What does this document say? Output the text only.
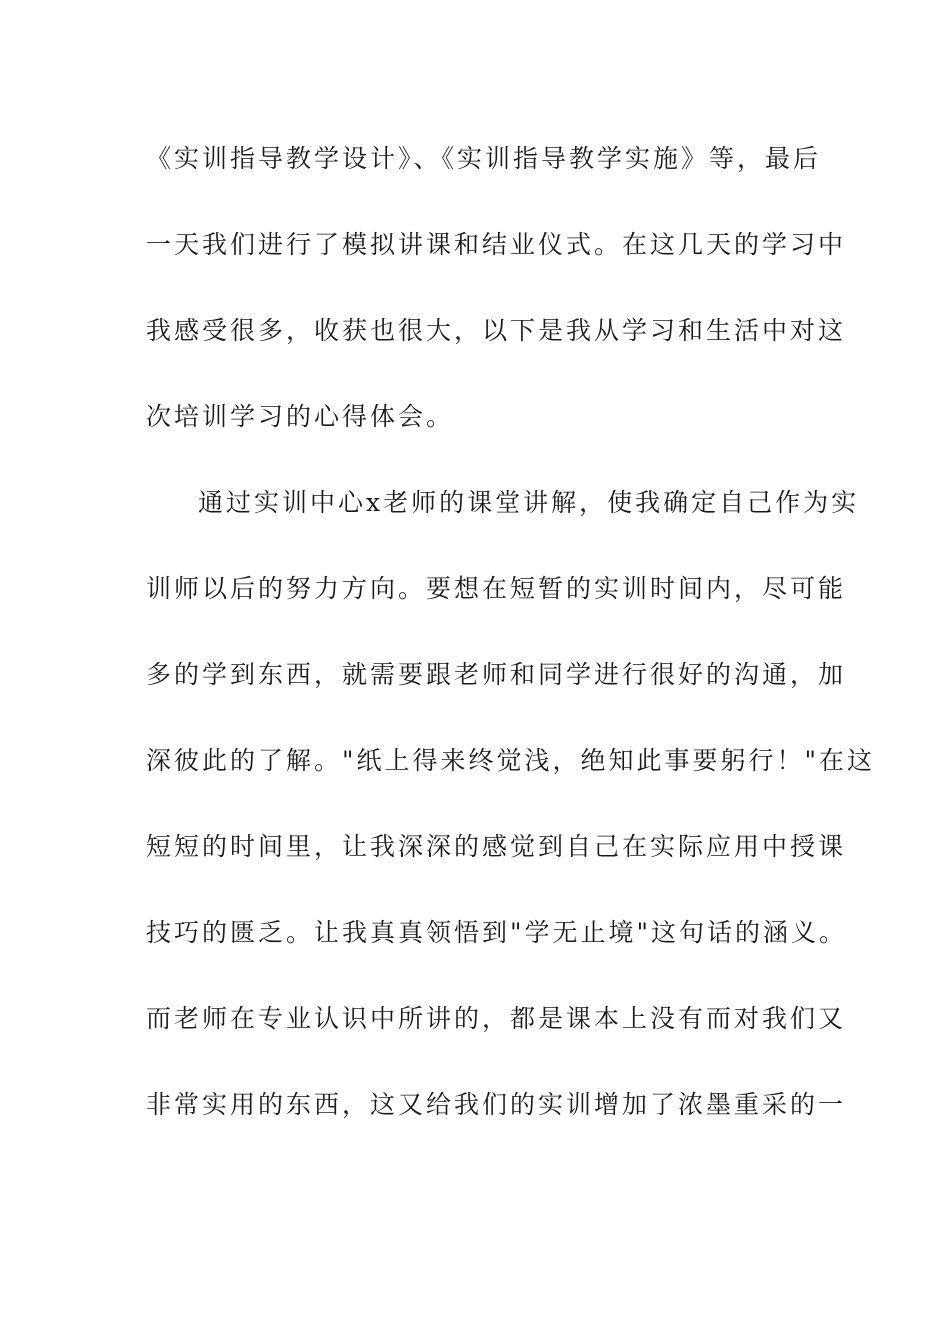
《实训指导教学设计》、《实训指导教学实施》等，最后
一天我们进行了模拟讲课和结业仪式。在这几天的学习中
我感受很多，收获也很大，以下是我从学习和生活中对这
次培训学习的心得体会。
通过实训中心x老师的课堂讲解，使我确定自己作为实
训师以后的努力方向。要想在短暂的实训时间内，尽可能
多的学到东西，就需要跟老师和同学进行很好的沟通，加
深彼此的了解。"纸上得来终觉浅，绝知此事要躬行！"在这
短短的时间里，让我深深的感觉到自己在实际应用中授课
技巧的匮乏。让我真真领悟到"学无止境"这句话的涵义。
而老师在专业认识中所讲的，都是课本上没有而对我们又
非常实用的东西，这又给我们的实训增加了浓墨重采的一
